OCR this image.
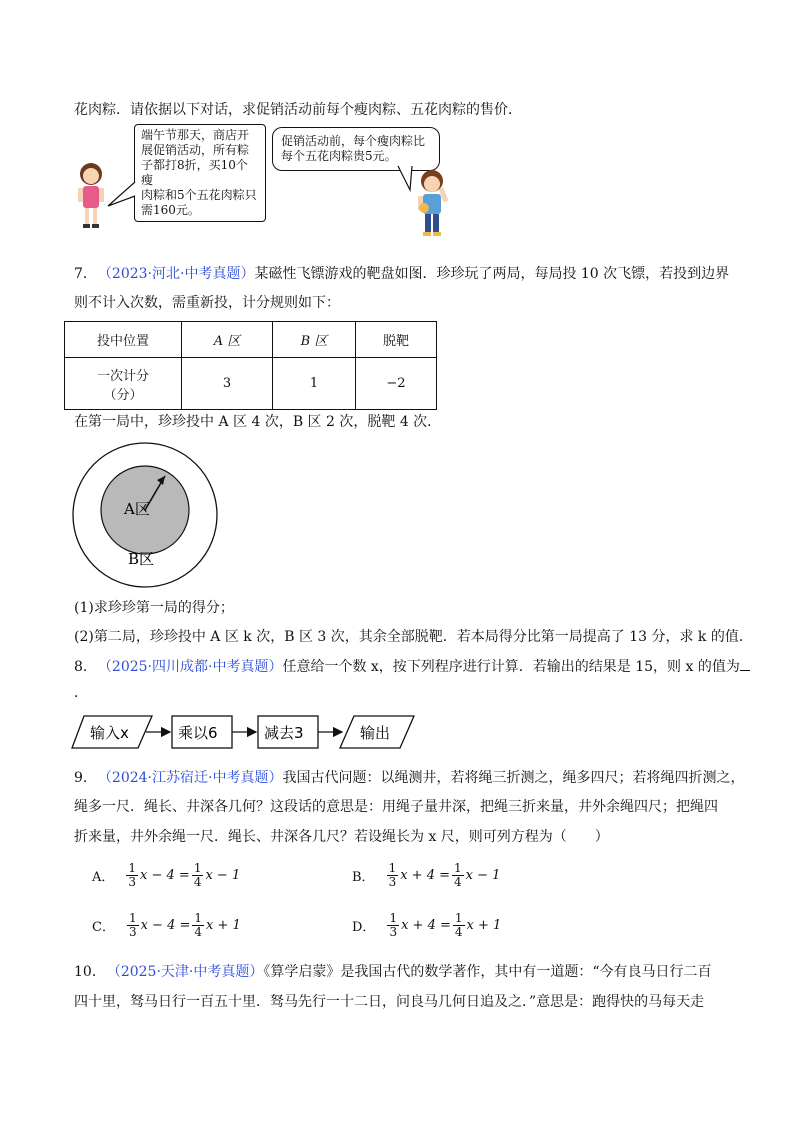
花肉粽．请依据以下对话，求促销活动前每个瘦肉粽、五花肉粽的售价．
端午节那天，商店开
展促销活动，所有粽
子都打8折，买10个瘦
肉粽和5个五花肉粽只
需160元。
促销活动前，每个瘦肉粽比
每个五花肉粽贵5元。
7． （2023·河北·中考真题）某磁性飞镖游戏的靶盘如图．珍珍玩了两局，每局投 10 次飞镖，若投到边界
则不计入次数，需重新投，计分规则如下：
投中位置	A 区	B 区	脱靶

一次计分
（分）	3	1	−2
在第一局中，珍珍投中 A 区 4 次，B 区 2 次，脱靶 4 次．
A区
B区
(1)求珍珍第一局的得分；
(2)第二局，珍珍投中 A 区 k 次，B 区 3 次，其余全部脱靶．若本局得分比第一局提高了 13 分，求 k 的值．
8． （2025·四川成都·中考真题）任意给一个数 x，按下列程序进行计算．若输出的结果是 15，则 x 的值为
．
输入x	乘以6	减去3	输出
9． （2024·江苏宿迁·中考真题）我国古代问题：以绳测井，若将绳三折测之，绳多四尺；若将绳四折测之，
绳多一尺．绳长、井深各几何？这段话的意思是：用绳子量井深，把绳三折来量，井外余绳四尺；把绳四
折来量，井外余绳一尺．绳长、井深各几尺？若设绳长为 x 尺，则可列方程为（　　）
A． $\frac{1}{3}$ $x - 4 = \frac{1}{4}$ x − 1	B． $\frac{1}{3}$ $x + 4 = \frac{1}{4}$ x − 1
C． $\frac{1}{3}$ $x - 4 = \frac{1}{4}$ x + 1	D． $\frac{1}{3}$ $x + 4 = \frac{1}{4}$ x + 1
10． （2025·天津·中考真题）《算学启蒙》是我国古代的数学著作，其中有一道题：“今有良马日行二百
四十里，驽马日行一百五十里．驽马先行一十二日，问良马几何日追及之．”意思是：跑得快的马每天走
